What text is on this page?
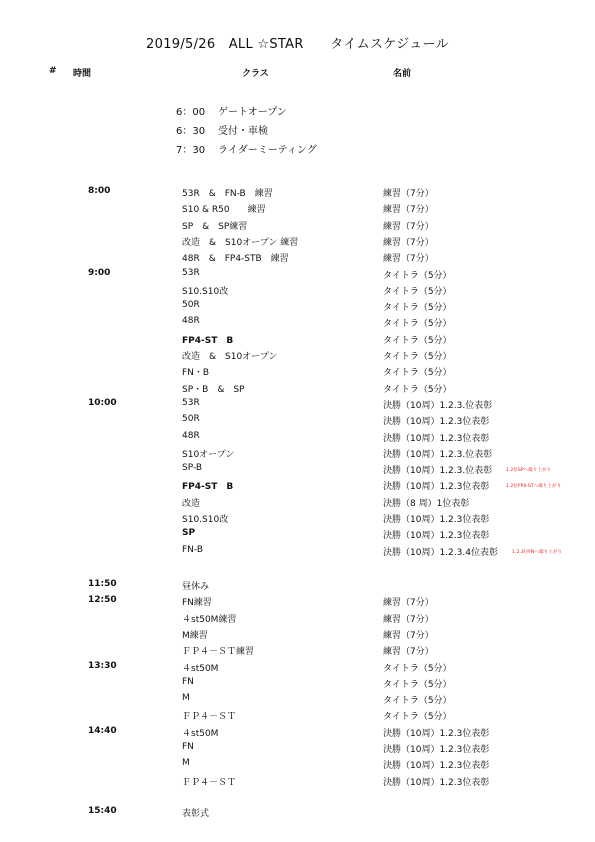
2019/5/26　ALL ☆STAR　　タイムスケジュール
# 時間	クラス	名前
6：00 ゲートオープン
6：30 受付・車検
7：30 ライダーミーティング
8:00	53R　&　FN-B　練習	練習（7分）
S10 & R50　　練習	練習（7分）
SP　&　SP練習	練習（7分）
改造　&　S10オープン 練習	練習（7分）
48R　&　FP4-STB　練習	練習（7分）
9:00	53R	タイトラ（5分）
S10.S10改	タイトラ（5分）
50R	タイトラ（5分）
48R	タイトラ（5分）
FP4-ST　B	タイトラ（5分）
改造　&　S10オープン	タイトラ（5分）
FN・B	タイトラ（5分）
SP・B　&　SP	タイトラ（5分）
10:00	53R	決勝（10周）1.2.3.位表彰
50R	決勝（10周）1.2.3位表彰
48R	決勝（10周）1.2.3位表彰
S10オープン	決勝（10周）1.2.3.位表彰
SP-B	決勝（10周）1.2.3.位表彰	1.2位SPへ繰り上がり
FP4-ST　B	決勝（10周）1.2.3位表彰	1.2位FP4-STへ繰り上がり
改造	決勝（8 周）1位表彰
S10.S10改	決勝（10周）1.2.3位表彰
SP	決勝（10周）1.2.3位表彰
FN-B	決勝（10周）1.2.3.4位表彰	1.2.3位FNへ繰り上がり
11:50	昼休み
12:50	FN練習	練習（7分）
４st50M練習	練習（7分）
M練習	練習（7分）
ＦＰ４－ＳＴ練習	練習（7分）
13:30	４st50M	タイトラ（5分）
FN	タイトラ（5分）
M	タイトラ（5分）
ＦＰ４－ＳＴ	タイトラ（5分）
14:40	４st50M	決勝（10周）1.2.3位表彰
FN	決勝（10周）1.2.3位表彰
M	決勝（10周）1.2.3位表彰
ＦＰ４－ＳＴ	決勝（10周）1.2.3位表彰
15:40	表彰式
